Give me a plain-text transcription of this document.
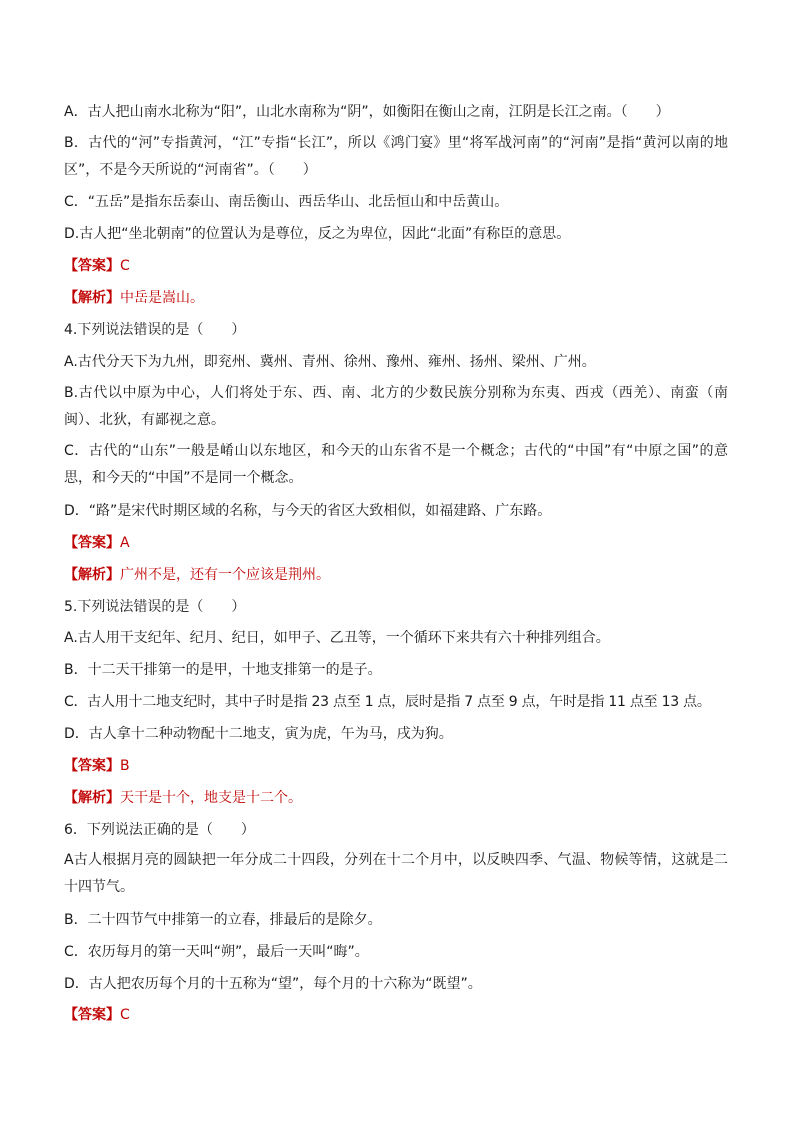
A．古人把山南水北称为“阳”，山北水南称为“阴”，如衡阳在衡山之南，江阴是长江之南。（　　）
B．古代的“河”专指黄河，“江”专指“长江”，所以《鸿门宴》里“将军战河南”的“河南”是指“黄河以南的地区”，不是今天所说的“河南省”。（　　）
C．“五岳”是指东岳泰山、南岳衡山、西岳华山、北岳恒山和中岳黄山。
D.古人把“坐北朝南”的位置认为是尊位，反之为卑位，因此“北面”有称臣的意思。
【答案】C
【解析】中岳是嵩山。
4.下列说法错误的是（　　）
A.古代分天下为九州，即兖州、冀州、青州、徐州、豫州、雍州、扬州、梁州、广州。
B.古代以中原为中心，人们将处于东、西、南、北方的少数民族分别称为东夷、西戎（西羌）、南蛮（南闽）、北狄，有鄙视之意。
C．古代的“山东”一般是崤山以东地区，和今天的山东省不是一个概念；古代的“中国”有“中原之国”的意思，和今天的“中国”不是同一个概念。
D．“路”是宋代时期区域的名称，与今天的省区大致相似，如福建路、广东路。
【答案】A
【解析】广州不是，还有一个应该是荆州。
5.下列说法错误的是（　　）
A.古人用干支纪年、纪月、纪日，如甲子、乙丑等，一个循环下来共有六十种排列组合。
B．十二天干排第一的是甲，十地支排第一的是子。
C．古人用十二地支纪时，其中子时是指 23 点至 1 点，辰时是指 7 点至 9 点，午时是指 11 点至 13 点。
D．古人拿十二种动物配十二地支，寅为虎，午为马，戌为狗。
【答案】B
【解析】天干是十个，地支是十二个。
6．下列说法正确的是（　　）
A古人根据月亮的圆缺把一年分成二十四段，分列在十二个月中，以反映四季、气温、物候等情，这就是二十四节气。
B．二十四节气中排第一的立春，排最后的是除夕。
C．农历每月的第一天叫“朔”，最后一天叫“晦”。
D．古人把农历每个月的十五称为“望”，每个月的十六称为“既望”。
【答案】C
